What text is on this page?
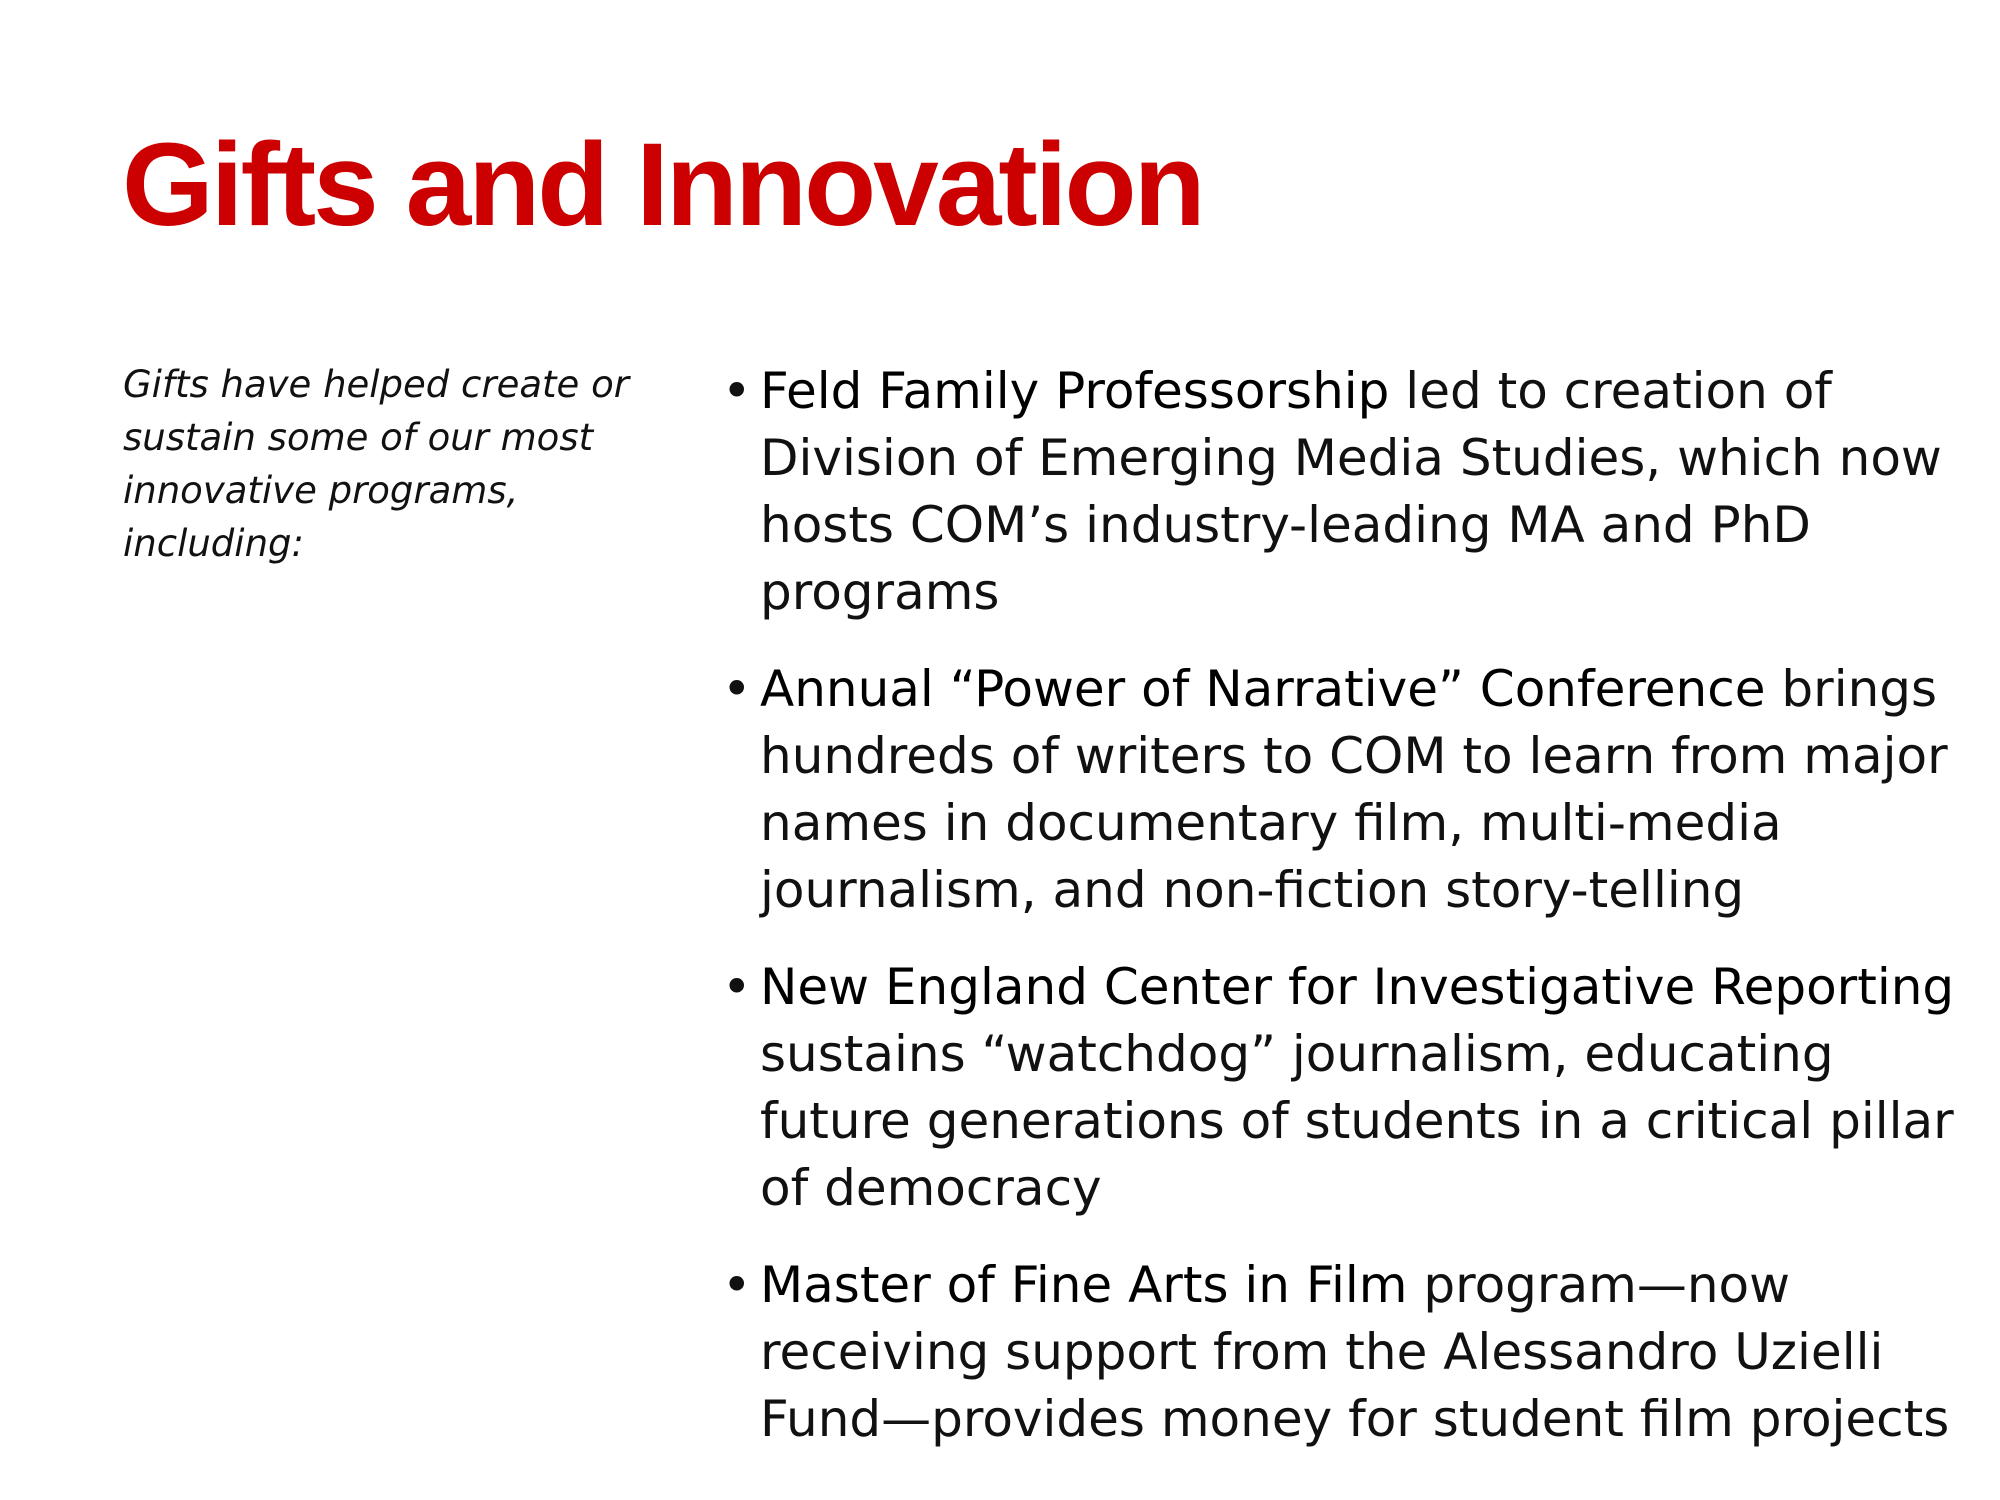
Gifts and Innovation

Gifts have helped create or sustain some of our most innovative programs, including:

• Feld Family Professorship led to creation of Division of Emerging Media Studies, which now hosts COM’s industry-leading MA and PhD programs
• Annual “Power of Narrative” Conference brings hundreds of writers to COM to learn from major names in documentary film, multi-media journalism, and non-fiction story-telling
• New England Center for Investigative Reporting sustains “watchdog” journalism, educating future generations of students in a critical pillar of democracy
• Master of Fine Arts in Film program—now receiving support from the Alessandro Uzielli Fund—provides money for student film projects
